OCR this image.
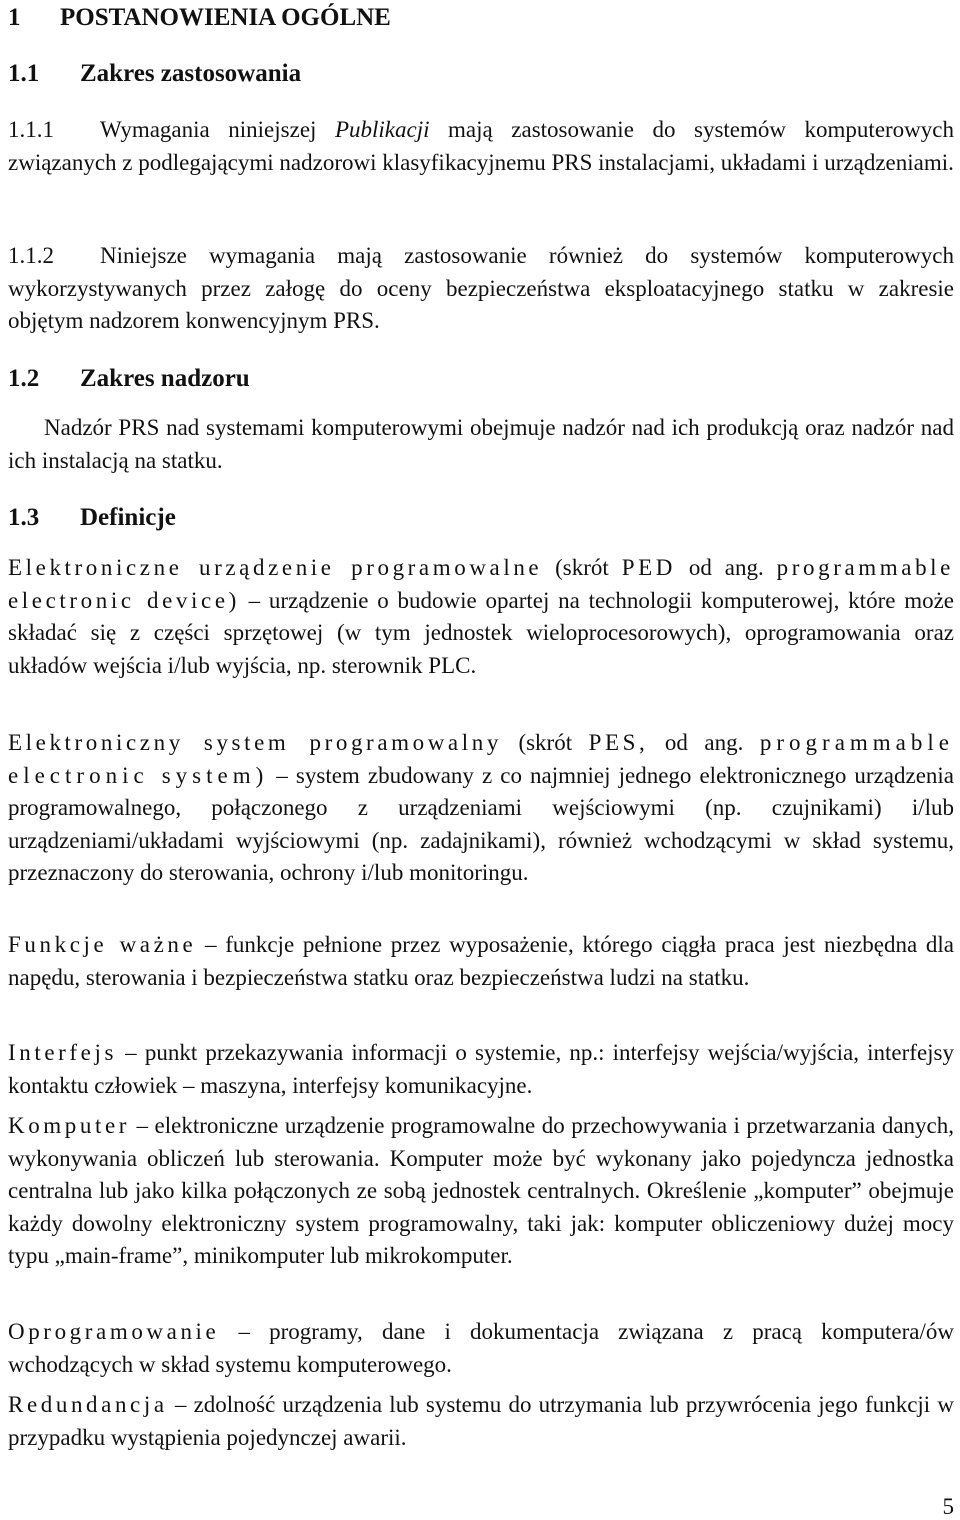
1 POSTANOWIENIA OGÓLNE
1.1 Zakres zastosowania
1.1.1 Wymagania niniejszej Publikacji mają zastosowanie do systemów komputerowych związanych z podlegającymi nadzorowi klasyfikacyjnemu PRS instalacjami, układami i urządzeniami.
1.1.2 Niniejsze wymagania mają zastosowanie również do systemów komputerowych wykorzystywanych przez załogę do oceny bezpieczeństwa eksploatacyjnego statku w zakresie objętym nadzorem konwencyjnym PRS.
1.2 Zakres nadzoru
Nadzór PRS nad systemami komputerowymi obejmuje nadzór nad ich produkcją oraz nadzór nad ich instalacją na statku.
1.3 Definicje
Elektroniczne urządzenie programowalne (skrót PED od ang. programmable electronic device) – urządzenie o budowie opartej na technologii komputerowej, które może składać się z części sprzętowej (w tym jednostek wieloprocesorowych), oprogramowania oraz układów wejścia i/lub wyjścia, np. sterownik PLC.
Elektroniczny system programowalny (skrót PES, od ang. programmable electronic system) – system zbudowany z co najmniej jednego elektronicznego urządzenia programowalnego, połączonego z urządzeniami wejściowymi (np. czujnikami) i/lub urządzeniami/układami wyjściowymi (np. zadajnikami), również wchodzącymi w skład systemu, przeznaczony do sterowania, ochrony i/lub monitoringu.
Funkcje ważne – funkcje pełnione przez wyposażenie, którego ciągła praca jest niezbędna dla napędu, sterowania i bezpieczeństwa statku oraz bezpieczeństwa ludzi na statku.
Interfejs – punkt przekazywania informacji o systemie, np.: interfejsy wejścia/wyjścia, interfejsy kontaktu człowiek – maszyna, interfejsy komunikacyjne.
Komputer – elektroniczne urządzenie programowalne do przechowywania i przetwarzania danych, wykonywania obliczeń lub sterowania. Komputer może być wykonany jako pojedyncza jednostka centralna lub jako kilka połączonych ze sobą jednostek centralnych. Określenie „komputer” obejmuje każdy dowolny elektroniczny system programowalny, taki jak: komputer obliczeniowy dużej mocy typu „main-frame”, minikomputer lub mikrokomputer.
Oprogramowanie – programy, dane i dokumentacja związana z pracą komputera/ów wchodzących w skład systemu komputerowego.
Redundancja – zdolność urządzenia lub systemu do utrzymania lub przywrócenia jego funkcji w przypadku wystąpienia pojedynczej awarii.
5
